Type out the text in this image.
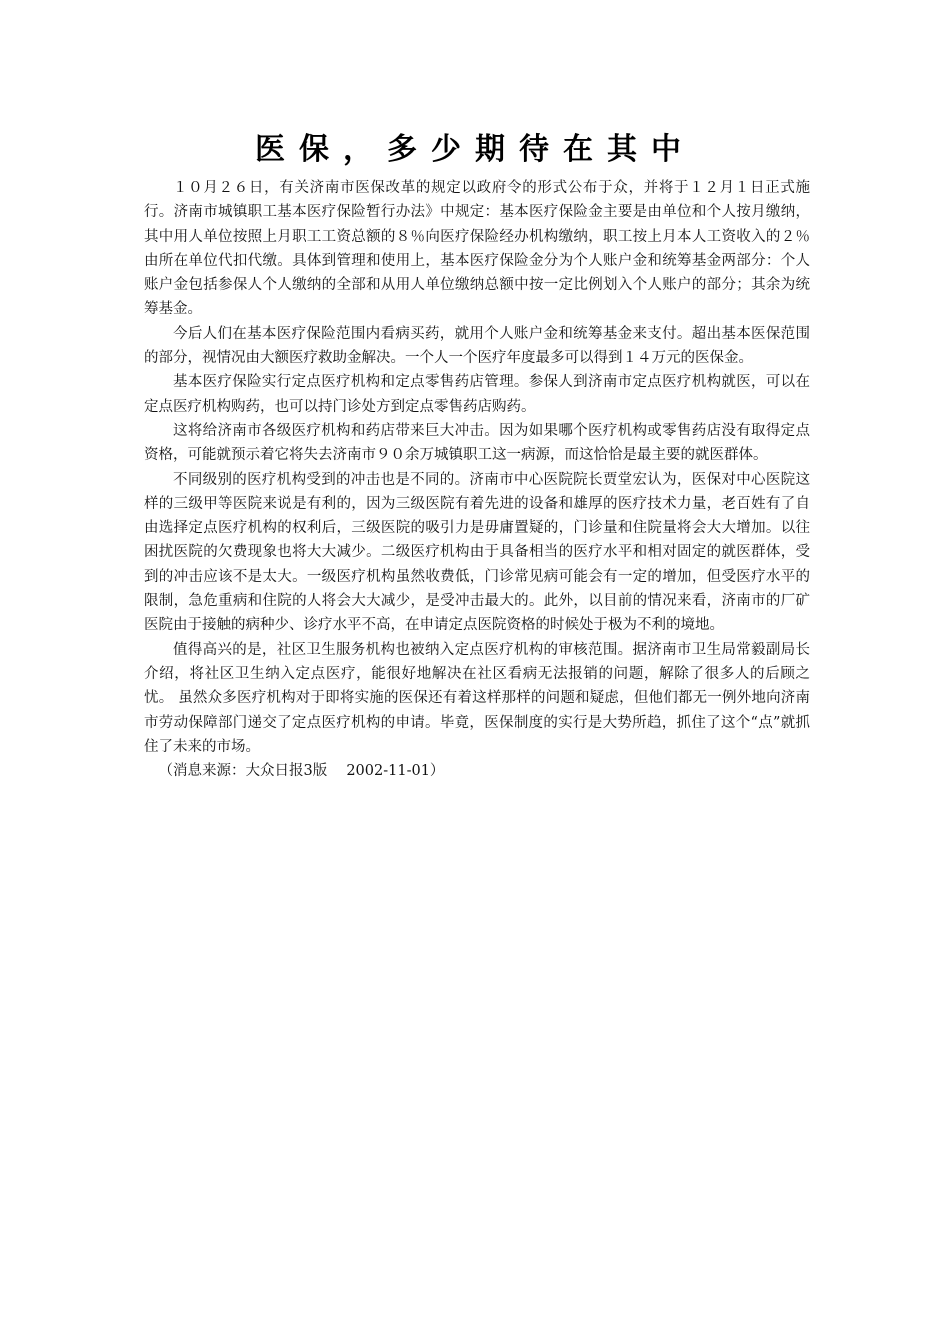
医保，多少期待在其中

１０月２６日，有关济南市医保改革的规定以政府令的形式公布于众，并将于１２月１日正式施行。济南市城镇职工基本医疗保险暂行办法》中规定：基本医疗保险金主要是由单位和个人按月缴纳，其中用人单位按照上月职工工资总额的８％向医疗保险经办机构缴纳，职工按上月本人工资收入的２％由所在单位代扣代缴。具体到管理和使用上，基本医疗保险金分为个人账户金和统筹基金两部分：个人账户金包括参保人个人缴纳的全部和从用人单位缴纳总额中按一定比例划入个人账户的部分；其余为统筹基金。

今后人们在基本医疗保险范围内看病买药，就用个人账户金和统筹基金来支付。超出基本医保范围的部分，视情况由大额医疗救助金解决。一个人一个医疗年度最多可以得到１４万元的医保金。

基本医疗保险实行定点医疗机构和定点零售药店管理。参保人到济南市定点医疗机构就医，可以在定点医疗机构购药，也可以持门诊处方到定点零售药店购药。

这将给济南市各级医疗机构和药店带来巨大冲击。因为如果哪个医疗机构或零售药店没有取得定点资格，可能就预示着它将失去济南市９０余万城镇职工这一病源，而这恰恰是最主要的就医群体。

不同级别的医疗机构受到的冲击也是不同的。济南市中心医院院长贾堂宏认为，医保对中心医院这样的三级甲等医院来说是有利的，因为三级医院有着先进的设备和雄厚的医疗技术力量，老百姓有了自由选择定点医疗机构的权利后，三级医院的吸引力是毋庸置疑的，门诊量和住院量将会大大增加。以往困扰医院的欠费现象也将大大减少。二级医疗机构由于具备相当的医疗水平和相对固定的就医群体，受到的冲击应该不是太大。一级医疗机构虽然收费低，门诊常见病可能会有一定的增加，但受医疗水平的限制，急危重病和住院的人将会大大减少，是受冲击最大的。此外，以目前的情况来看，济南市的厂矿医院由于接触的病种少、诊疗水平不高，在申请定点医院资格的时候处于极为不利的境地。

值得高兴的是，社区卫生服务机构也被纳入定点医疗机构的审核范围。据济南市卫生局常毅副局长介绍，将社区卫生纳入定点医疗，能很好地解决在社区看病无法报销的问题，解除了很多人的后顾之忧。 虽然众多医疗机构对于即将实施的医保还有着这样那样的问题和疑虑，但他们都无一例外地向济南市劳动保障部门递交了定点医疗机构的申请。毕竟，医保制度的实行是大势所趋，抓住了这个“点”就抓住了未来的市场。

（消息来源：大众日报3版　 2002-11-01）
